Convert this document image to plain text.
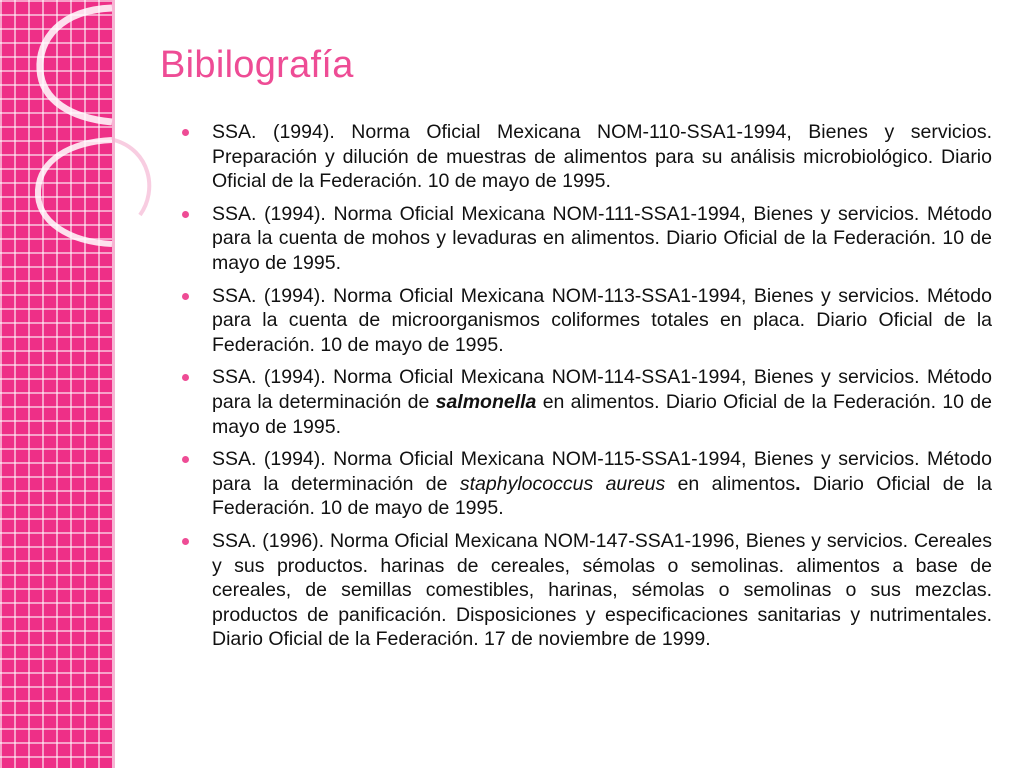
Bibilografía
SSA. (1994). Norma Oficial Mexicana NOM-110-SSA1-1994, Bienes y servicios. Preparación y dilución de muestras de alimentos para su análisis microbiológico. Diario Oficial de la Federación. 10 de mayo de 1995.
SSA. (1994). Norma Oficial Mexicana NOM-111-SSA1-1994, Bienes y servicios. Método para la cuenta de mohos y levaduras en alimentos. Diario Oficial de la Federación. 10 de mayo de 1995.
SSA. (1994). Norma Oficial Mexicana NOM-113-SSA1-1994, Bienes y servicios. Método para la cuenta de microorganismos coliformes totales en placa. Diario Oficial de la Federación. 10 de mayo de 1995.
SSA. (1994). Norma Oficial Mexicana NOM-114-SSA1-1994, Bienes y servicios. Método para la determinación de salmonella en alimentos. Diario Oficial de la Federación. 10 de mayo de 1995.
SSA. (1994). Norma Oficial Mexicana NOM-115-SSA1-1994, Bienes y servicios. Método para la determinación de staphylococcus aureus en alimentos. Diario Oficial de la Federación. 10 de mayo de 1995.
SSA. (1996). Norma Oficial Mexicana NOM-147-SSA1-1996, Bienes y servicios. Cereales y sus productos. harinas de cereales, sémolas o semolinas. alimentos a base de cereales, de semillas comestibles, harinas, sémolas o semolinas o sus mezclas. productos de panificación. Disposiciones y especificaciones sanitarias y nutrimentales. Diario Oficial de la Federación. 17 de noviembre de 1999.
